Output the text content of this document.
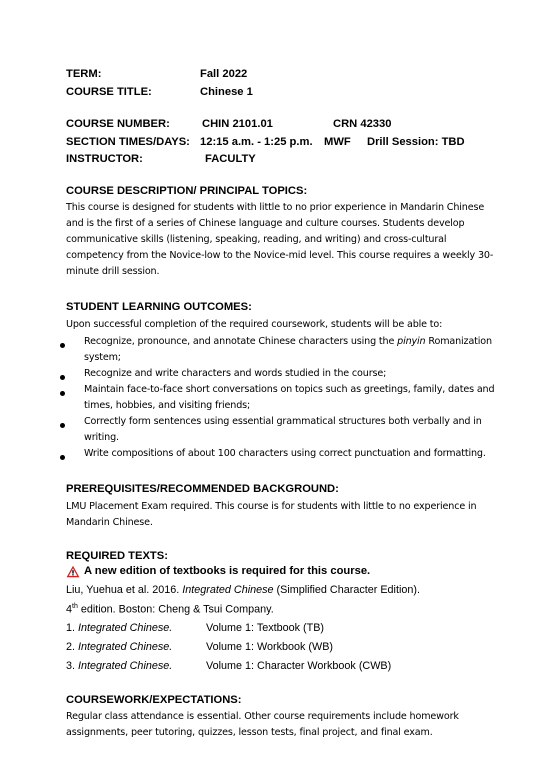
TERM:	Fall 2022
COURSE TITLE:	Chinese 1
COURSE NUMBER:	CHIN 2101.01	CRN 42330
SECTION TIMES/DAYS: 12:15 a.m. - 1:25 p.m. MWF Drill Session: TBD
INSTRUCTOR:	FACULTY
COURSE DESCRIPTION/ PRINCIPAL TOPICS:
This course is designed for students with little to no prior experience in Mandarin Chinese
and is the first of a series of Chinese language and culture courses. Students develop
communicative skills (listening, speaking, reading, and writing) and cross-cultural
competency from the Novice-low to the Novice-mid level. This course requires a weekly 30-
minute drill session.
STUDENT LEARNING OUTCOMES:
Upon successful completion of the required coursework, students will be able to:
Recognize, pronounce, and annotate Chinese characters using the pinyin Romanization
system;
Recognize and write characters and words studied in the course;
Maintain face-to-face short conversations on topics such as greetings, family, dates and
times, hobbies, and visiting friends;
Correctly form sentences using essential grammatical structures both verbally and in
writing.
Write compositions of about 100 characters using correct punctuation and formatting.
PREREQUISITES/RECOMMENDED BACKGROUND:
LMU Placement Exam required. This course is for students with little to no experience in
Mandarin Chinese.
REQUIRED TEXTS:
A new edition of textbooks is required for this course.
Liu, Yuehua et al. 2016. Integrated Chinese (Simplified Character Edition).
4th edition. Boston: Cheng & Tsui Company.
1. Integrated Chinese.	Volume 1: Textbook (TB)
2. Integrated Chinese.	Volume 1: Workbook (WB)
3. Integrated Chinese.	Volume 1: Character Workbook (CWB)
COURSEWORK/EXPECTATIONS:
Regular class attendance is essential. Other course requirements include homework
assignments, peer tutoring, quizzes, lesson tests, final project, and final exam.
